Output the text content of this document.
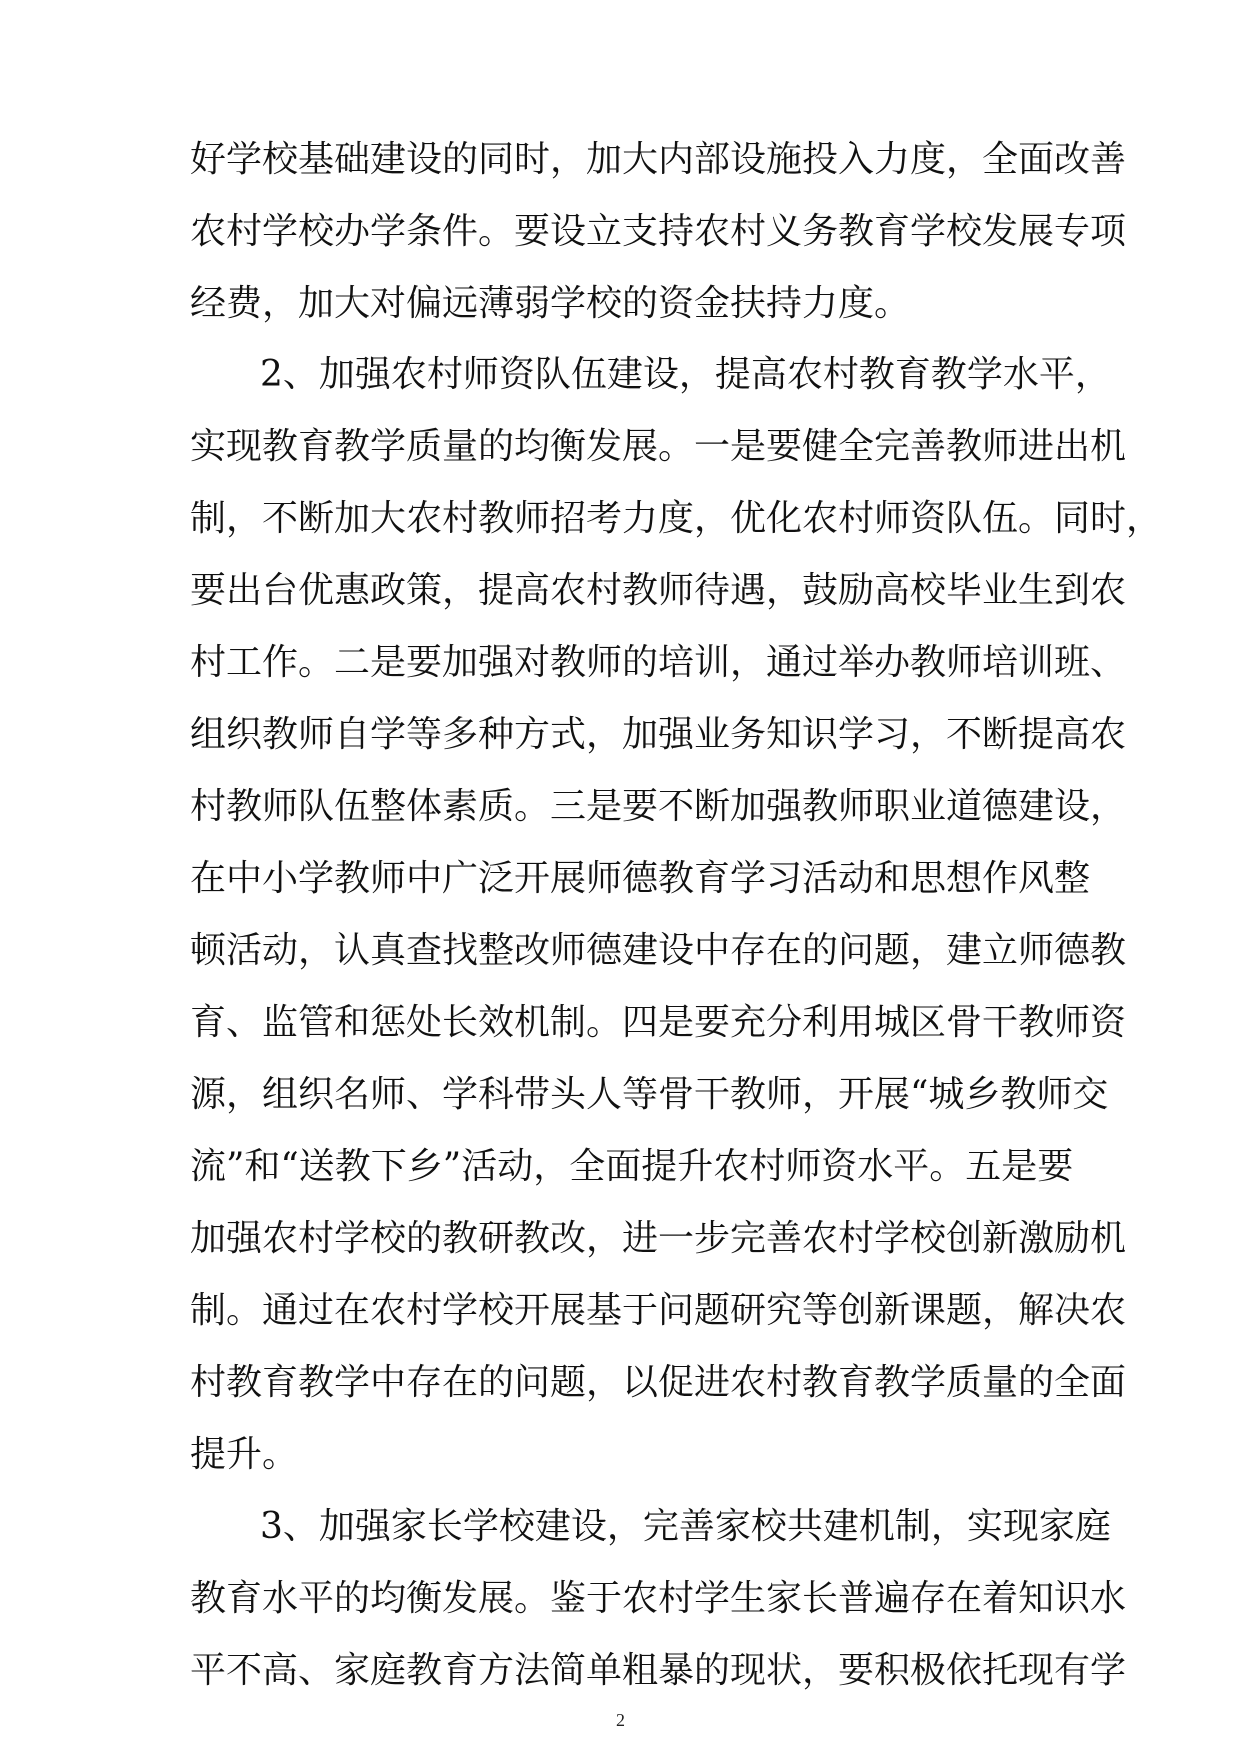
好学校基础建设的同时，加大内部设施投入力度，全面改善
农村学校办学条件。要设立支持农村义务教育学校发展专项
经费，加大对偏远薄弱学校的资金扶持力度。
2、加强农村师资队伍建设，提高农村教育教学水平，
实现教育教学质量的均衡发展。一是要健全完善教师进出机
制，不断加大农村教师招考力度，优化农村师资队伍。同时，
要出台优惠政策，提高农村教师待遇，鼓励高校毕业生到农
村工作。二是要加强对教师的培训，通过举办教师培训班、
组织教师自学等多种方式，加强业务知识学习，不断提高农
村教师队伍整体素质。三是要不断加强教师职业道德建设，
在中小学教师中广泛开展师德教育学习活动和思想作风整
顿活动，认真查找整改师德建设中存在的问题，建立师德教
育、监管和惩处长效机制。四是要充分利用城区骨干教师资
源，组织名师、学科带头人等骨干教师，开展“城乡教师交
流”和“送教下乡”活动，全面提升农村师资水平。五是要
加强农村学校的教研教改，进一步完善农村学校创新激励机
制。通过在农村学校开展基于问题研究等创新课题，解决农
村教育教学中存在的问题，以促进农村教育教学质量的全面
提升。
3、加强家长学校建设，完善家校共建机制，实现家庭
教育水平的均衡发展。鉴于农村学生家长普遍存在着知识水
2
平不高、家庭教育方法简单粗暴的现状，要积极依托现有学
